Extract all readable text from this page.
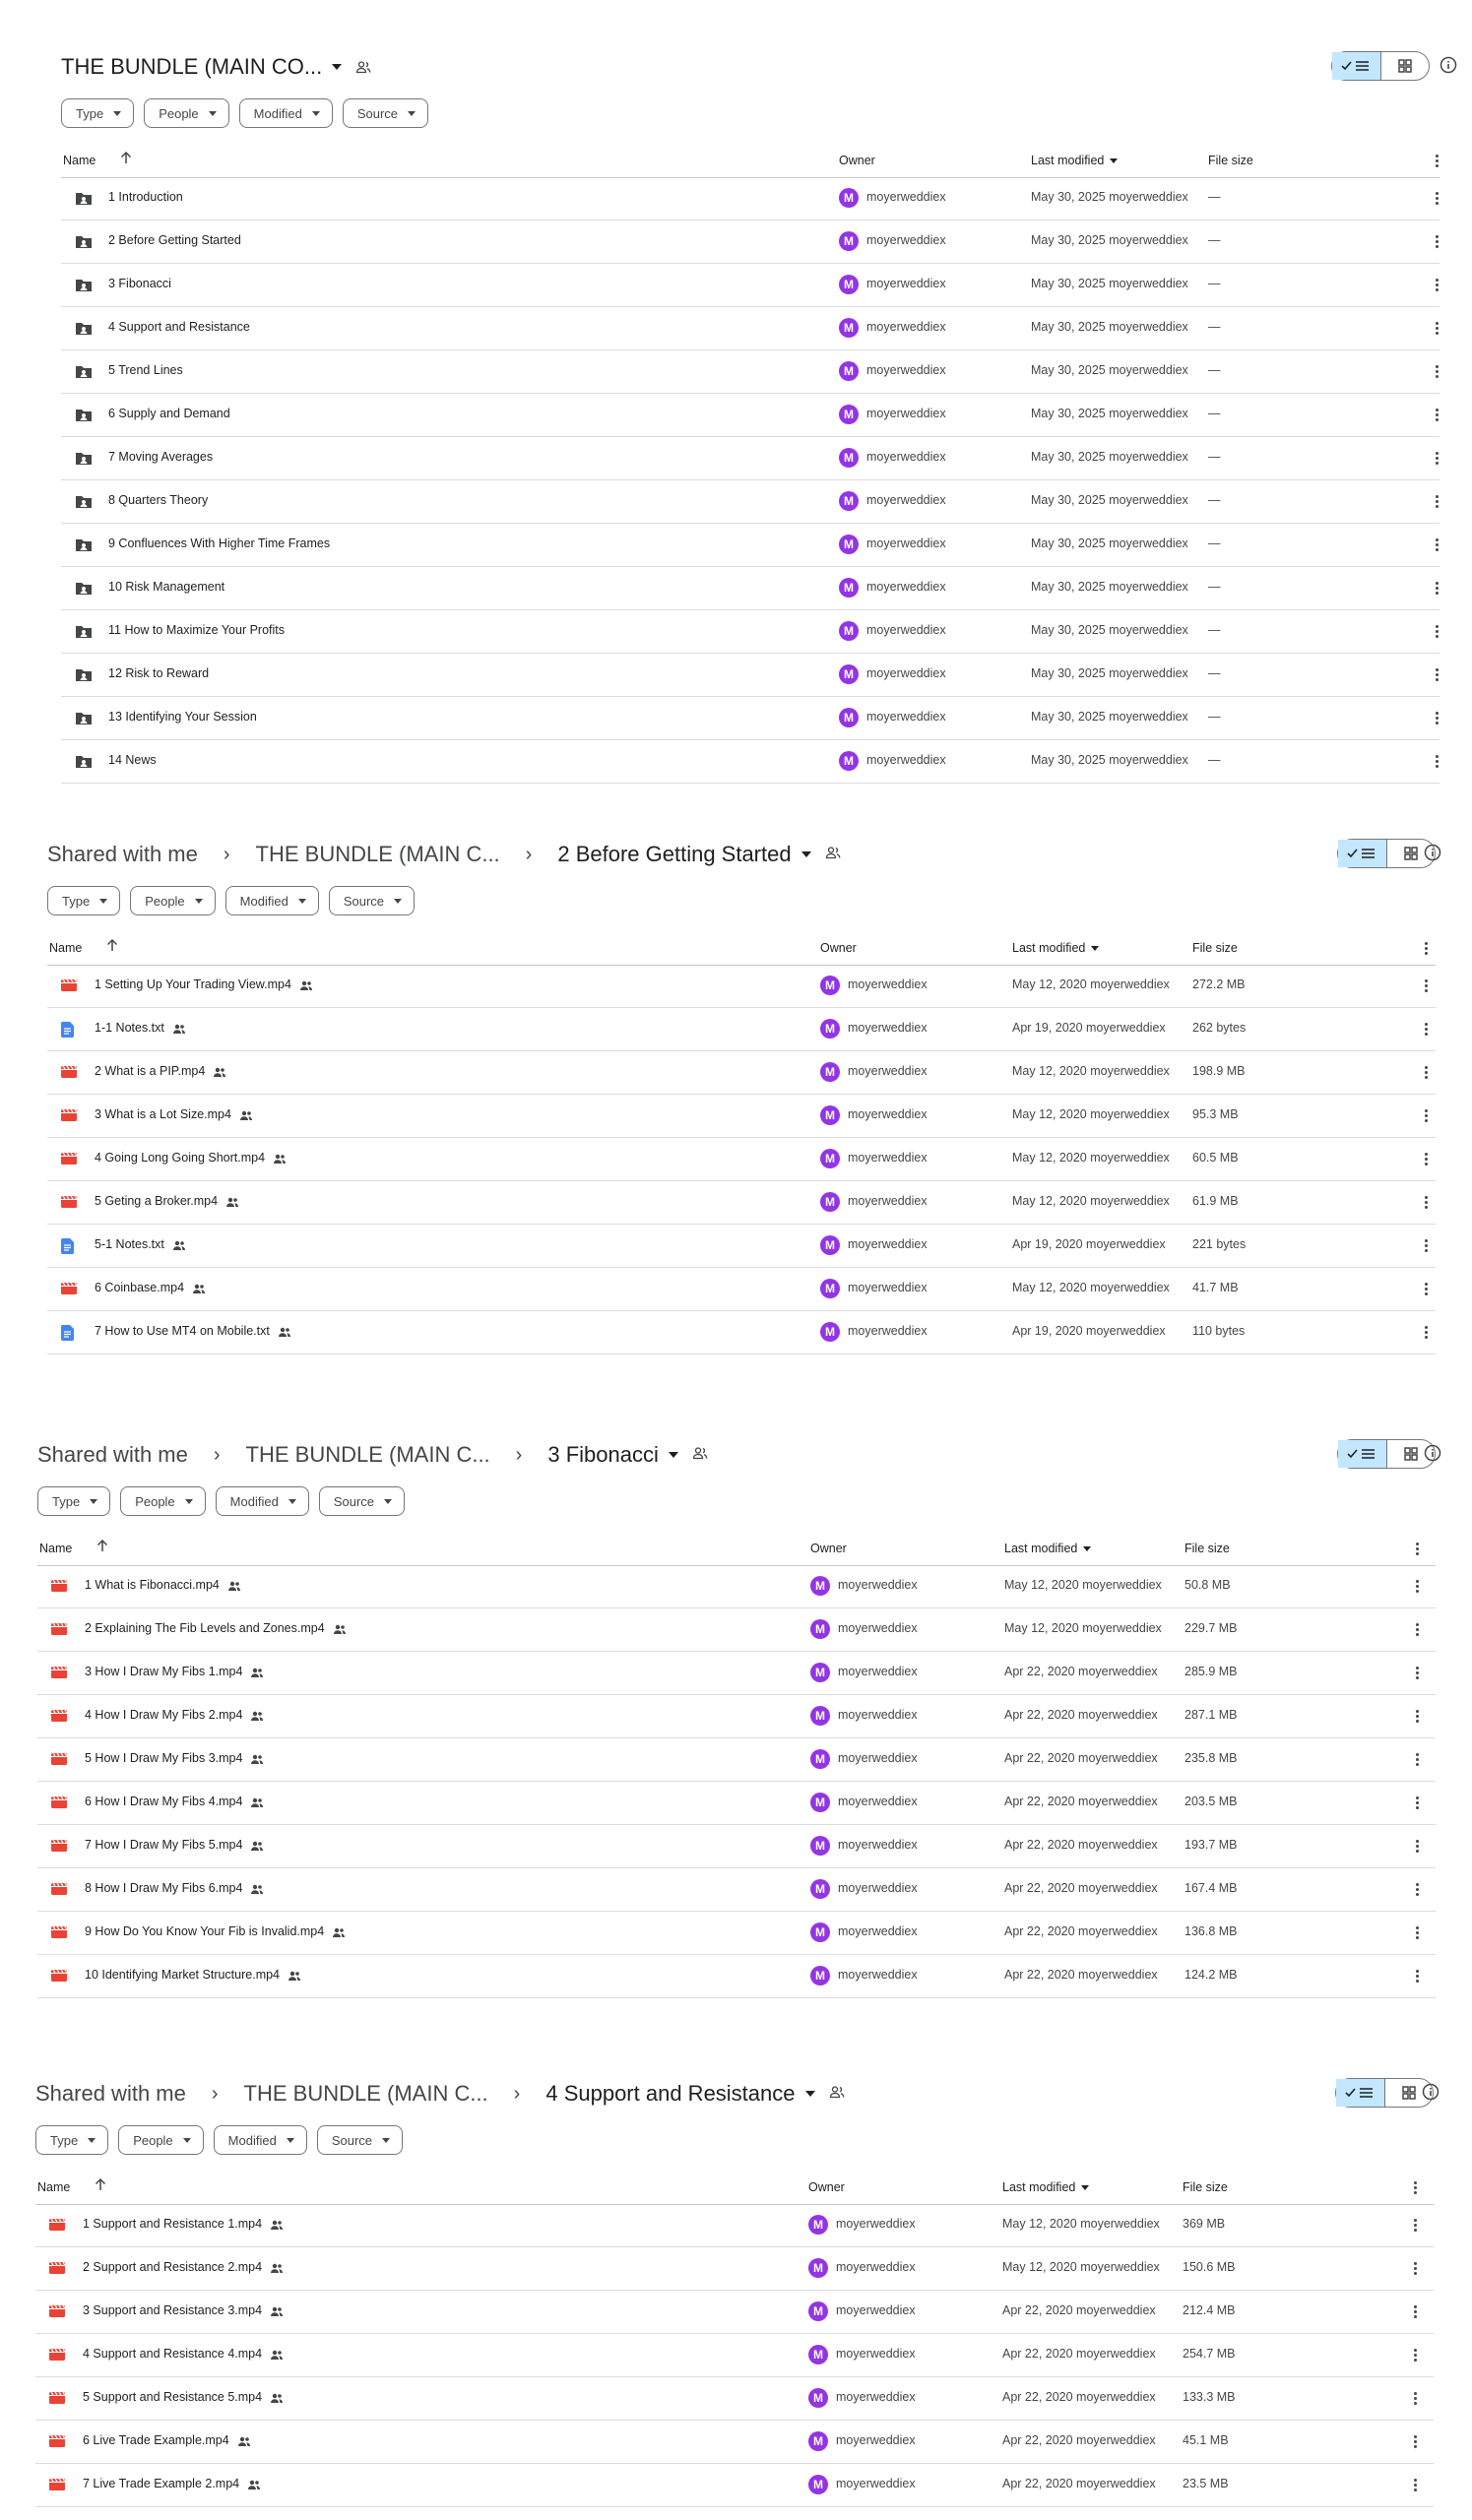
THE BUNDLE (MAIN CO...
Type	People	Modified	Source
Name	Owner	Last modified	File size
1 Introduction	M	moyerweddiex	May 30, 2025 moyerweddiex —
2 Before Getting Started	M	moyerweddiex	May 30, 2025 moyerweddiex —
3 Fibonacci	M	moyerweddiex	May 30, 2025 moyerweddiex —
4 Support and Resistance	M	moyerweddiex	May 30, 2025 moyerweddiex —
5 Trend Lines	M	moyerweddiex	May 30, 2025 moyerweddiex —
6 Supply and Demand	M	moyerweddiex	May 30, 2025 moyerweddiex —
7 Moving Averages	M	moyerweddiex	May 30, 2025 moyerweddiex —
8 Quarters Theory	M	moyerweddiex	May 30, 2025 moyerweddiex —
9 Confluences With Higher Time Frames	M	moyerweddiex	May 30, 2025 moyerweddiex —
10 Risk Management	M	moyerweddiex	May 30, 2025 moyerweddiex —
11 How to Maximize Your Profits	M	moyerweddiex	May 30, 2025 moyerweddiex —
12 Risk to Reward	M	moyerweddiex	May 30, 2025 moyerweddiex —
13 Identifying Your Session	M	moyerweddiex	May 30, 2025 moyerweddiex —
14 News	M	moyerweddiex	May 30, 2025 moyerweddiex —
Shared with me › THE BUNDLE (MAIN C... › 2 Before Getting Started
Type	People	Modified	Source
Name	Owner	Last modified	File size
1 Setting Up Your Trading View.mp4	M	moyerweddiex	May 12, 2020 moyerweddiex 272.2 MB
1-1 Notes.txt	M	moyerweddiex	Apr 19, 2020 moyerweddiex 262 bytes
2 What is a PIP.mp4	M	moyerweddiex	May 12, 2020 moyerweddiex 198.9 MB
3 What is a Lot Size.mp4	M	moyerweddiex	May 12, 2020 moyerweddiex 95.3 MB
4 Going Long Going Short.mp4	M	moyerweddiex	May 12, 2020 moyerweddiex 60.5 MB
5 Geting a Broker.mp4	M	moyerweddiex	May 12, 2020 moyerweddiex 61.9 MB
5-1 Notes.txt	M	moyerweddiex	Apr 19, 2020 moyerweddiex 221 bytes
6 Coinbase.mp4	M	moyerweddiex	May 12, 2020 moyerweddiex 41.7 MB
7 How to Use MT4 on Mobile.txt	M	moyerweddiex	Apr 19, 2020 moyerweddiex 110 bytes
Shared with me › THE BUNDLE (MAIN C... › 3 Fibonacci
Type	People	Modified	Source
Name	Owner	Last modified	File size
1 What is Fibonacci.mp4	M	moyerweddiex	May 12, 2020 moyerweddiex 50.8 MB
2 Explaining The Fib Levels and Zones.mp4	M	moyerweddiex	May 12, 2020 moyerweddiex 229.7 MB
3 How I Draw My Fibs 1.mp4	M	moyerweddiex	Apr 22, 2020 moyerweddiex 285.9 MB
4 How I Draw My Fibs 2.mp4	M	moyerweddiex	Apr 22, 2020 moyerweddiex 287.1 MB
5 How I Draw My Fibs 3.mp4	M	moyerweddiex	Apr 22, 2020 moyerweddiex 235.8 MB
6 How I Draw My Fibs 4.mp4	M	moyerweddiex	Apr 22, 2020 moyerweddiex 203.5 MB
7 How I Draw My Fibs 5.mp4	M	moyerweddiex	Apr 22, 2020 moyerweddiex 193.7 MB
8 How I Draw My Fibs 6.mp4	M	moyerweddiex	Apr 22, 2020 moyerweddiex 167.4 MB
9 How Do You Know Your Fib is Invalid.mp4	M	moyerweddiex	Apr 22, 2020 moyerweddiex 136.8 MB
10 Identifying Market Structure.mp4	M	moyerweddiex	Apr 22, 2020 moyerweddiex 124.2 MB
Shared with me › THE BUNDLE (MAIN C... › 4 Support and Resistance
Type	People	Modified	Source
Name	Owner	Last modified	File size
1 Support and Resistance 1.mp4	M	moyerweddiex	May 12, 2020 moyerweddiex 369 MB
2 Support and Resistance 2.mp4	M	moyerweddiex	May 12, 2020 moyerweddiex 150.6 MB
3 Support and Resistance 3.mp4	M	moyerweddiex	Apr 22, 2020 moyerweddiex 212.4 MB
4 Support and Resistance 4.mp4	M	moyerweddiex	Apr 22, 2020 moyerweddiex 254.7 MB
5 Support and Resistance 5.mp4	M	moyerweddiex	Apr 22, 2020 moyerweddiex 133.3 MB
6 Live Trade Example.mp4	M	moyerweddiex	Apr 22, 2020 moyerweddiex 45.1 MB
7 Live Trade Example 2.mp4	M	moyerweddiex	Apr 22, 2020 moyerweddiex 23.5 MB
